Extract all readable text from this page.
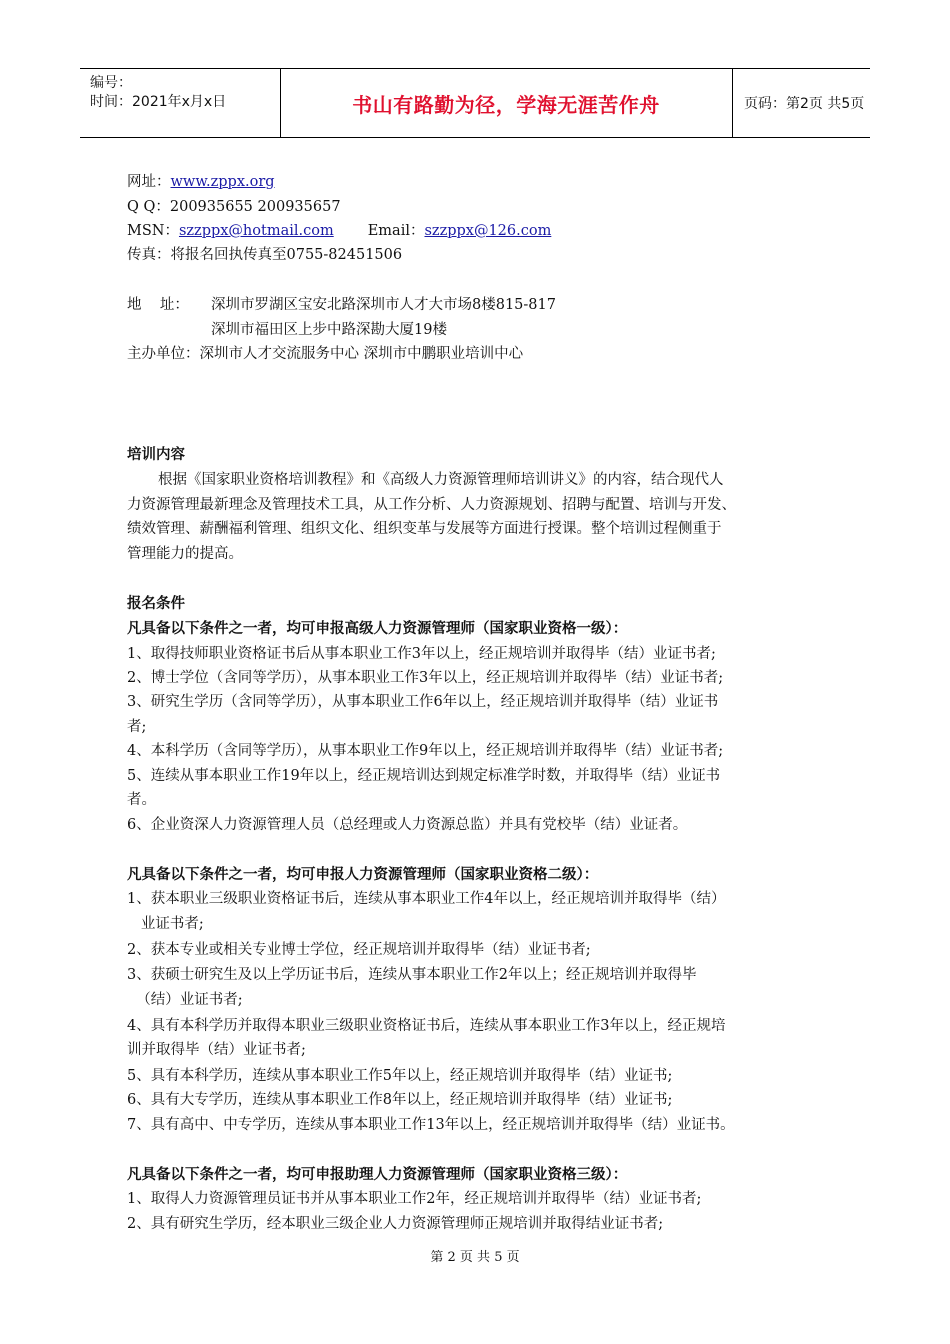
编号：
时间：2021年x月x日	书山有路勤为径，学海无涯苦作舟	页码：第2页 共5页
网址：www.zppx.org
Q Q：200935655 200935657
MSN：szzppx@hotmail.com Email：szzppx@126.com
传真：将报名回执传真至0755-82451506
地    址： 深圳市罗湖区宝安北路深圳市人才大市场8楼815-817
深圳市福田区上步中路深勘大厦19楼
主办单位：深圳市人才交流服务中心 深圳市中鹏职业培训中心
培训内容
根据《国家职业资格培训教程》和《高级人力资源管理师培训讲义》的内容，结合现代人
力资源管理最新理念及管理技术工具，从工作分析、人力资源规划、招聘与配置、培训与开发、
绩效管理、薪酬福利管理、组织文化、组织变革与发展等方面进行授课。整个培训过程侧重于
管理能力的提高。
报名条件
凡具备以下条件之一者，均可申报高级人力资源管理师（国家职业资格一级）：
1、取得技师职业资格证书后从事本职业工作3年以上，经正规培训并取得毕（结）业证书者;
2、博士学位（含同等学历），从事本职业工作3年以上，经正规培训并取得毕（结）业证书者;
3、研究生学历（含同等学历），从事本职业工作6年以上，经正规培训并取得毕（结）业证书
者;
4、本科学历（含同等学历），从事本职业工作9年以上，经正规培训并取得毕（结）业证书者;
5、连续从事本职业工作19年以上，经正规培训达到规定标准学时数，并取得毕（结）业证书
者。
6、企业资深人力资源管理人员（总经理或人力资源总监）并具有党校毕（结）业证者。
凡具备以下条件之一者，均可申报人力资源管理师（国家职业资格二级）：
1、获本职业三级职业资格证书后，连续从事本职业工作4年以上，经正规培训并取得毕（结）
业证书者;
2、获本专业或相关专业博士学位，经正规培训并取得毕（结）业证书者;
3、获硕士研究生及以上学历证书后，连续从事本职业工作2年以上；经正规培训并取得毕
（结）业证书者;
4、具有本科学历并取得本职业三级职业资格证书后，连续从事本职业工作3年以上，经正规培
训并取得毕（结）业证书者;
5、具有本科学历，连续从事本职业工作5年以上，经正规培训并取得毕（结）业证书;
6、具有大专学历，连续从事本职业工作8年以上，经正规培训并取得毕（结）业证书;
7、具有高中、中专学历，连续从事本职业工作13年以上，经正规培训并取得毕（结）业证书。
凡具备以下条件之一者，均可申报助理人力资源管理师（国家职业资格三级）：
1、取得人力资源管理员证书并从事本职业工作2年，经正规培训并取得毕（结）业证书者;
2、具有研究生学历，经本职业三级企业人力资源管理师正规培训并取得结业证书者;
第 2 页 共 5 页
